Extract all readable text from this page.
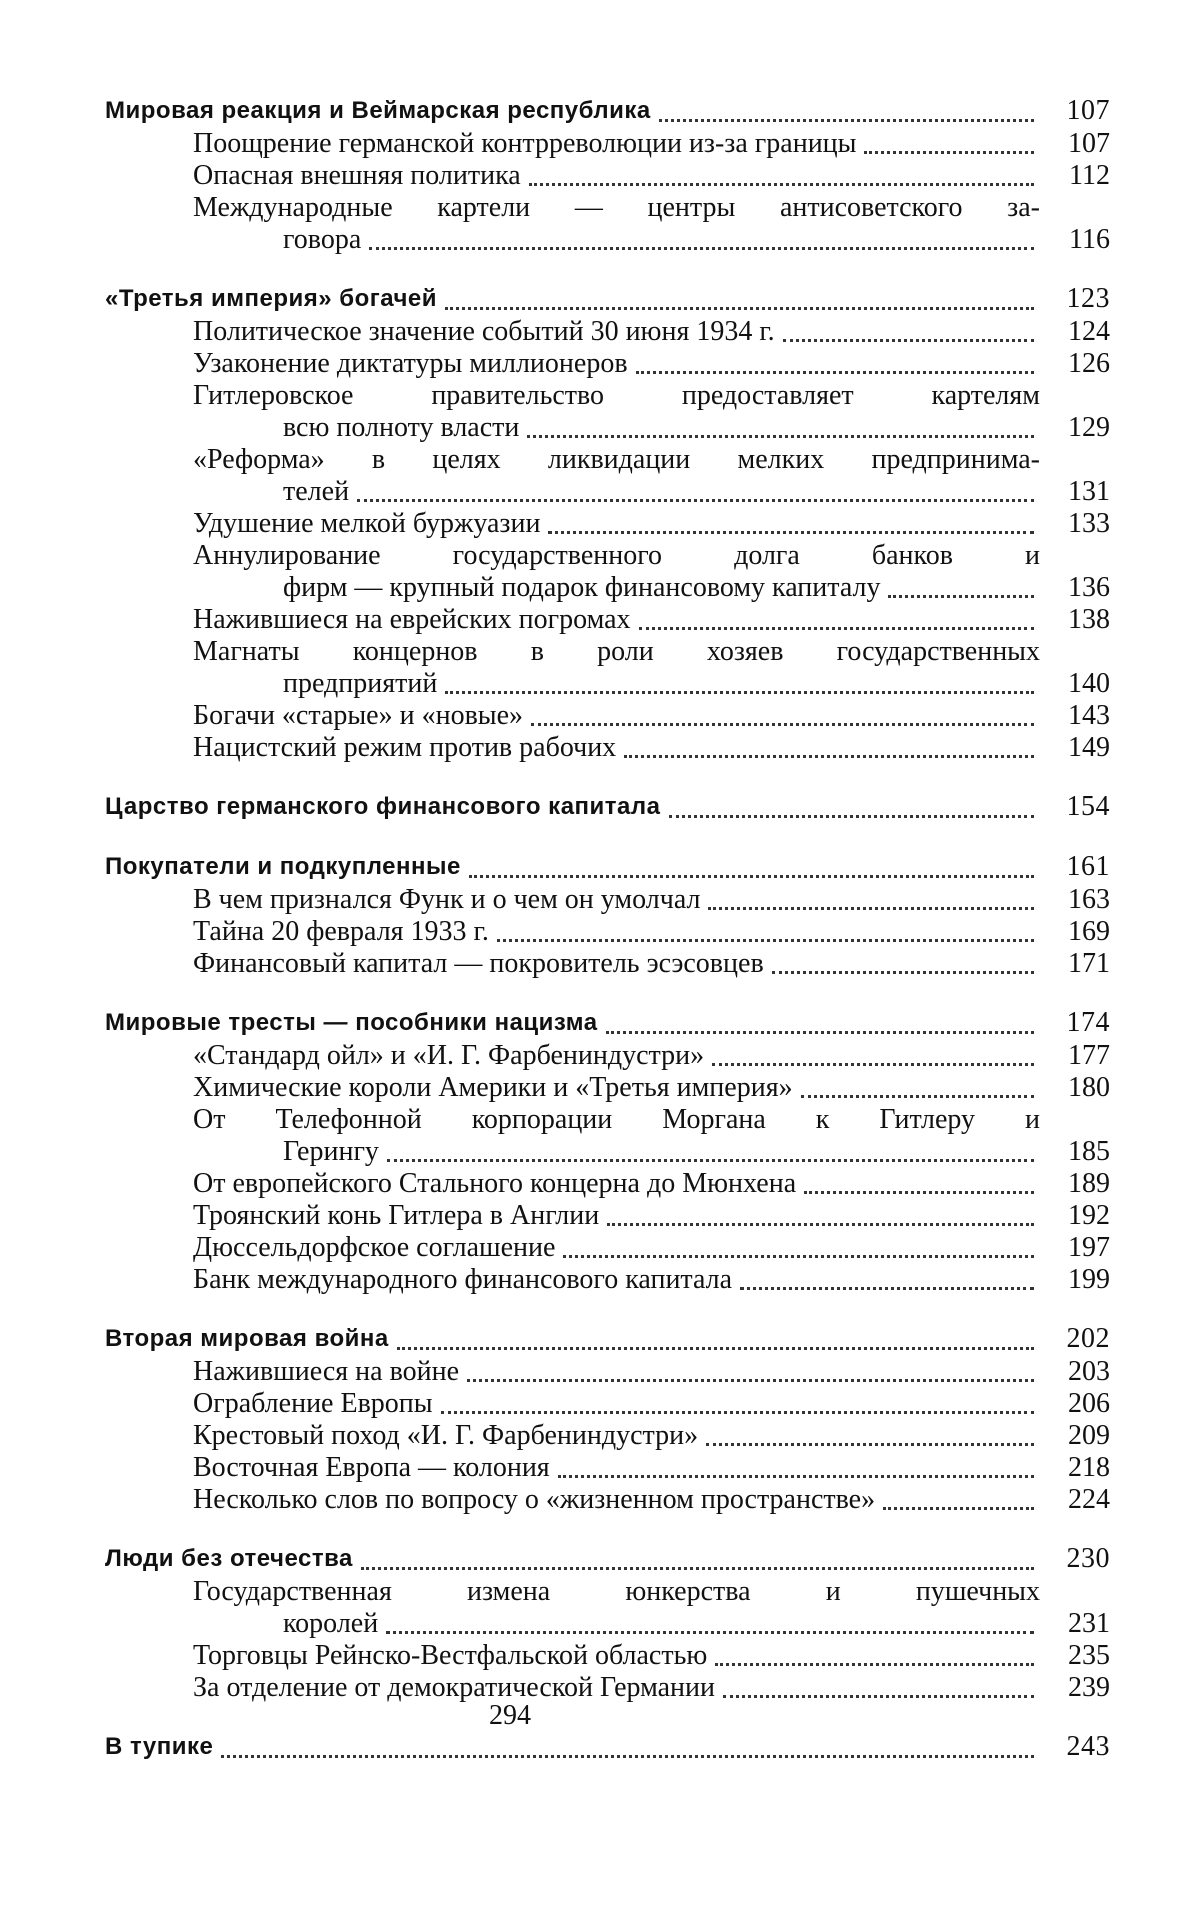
Мировая реакция и Веймарская республика	107
Поощрение германской контрреволюции из-за границы	107
Опасная внешняя политика	112
Международные картели — центры антисоветского за-
говора	116
«Третья империя» богачей	123
Политическое значение событий 30 июня 1934 г.	124
Узаконение диктатуры миллионеров	126
Гитлеровское правительство предоставляет картелям
всю полноту власти	129
«Реформа» в целях ликвидации мелких предпринима-
телей	131
Удушение мелкой буржуазии	133
Аннулирование государственного долга банков и
фирм — крупный подарок финансовому капиталу	136
Нажившиеся на еврейских погромах	138
Магнаты концернов в роли хозяев государственных
предприятий	140
Богачи «старые» и «новые»	143
Нацистский режим против рабочих	149
Царство германского финансового капитала	154
Покупатели и подкупленные	161
В чем признался Функ и о чем он умолчал	163
Тайна 20 февраля 1933 г.	169
Финансовый капитал — покровитель эсэсовцев	171
Мировые тресты — пособники нацизма	174
«Стандард ойл» и «И. Г. Фарбениндустри»	177
Химические короли Америки и «Третья империя»	180
От Телефонной корпорации Моргана к Гитлеру и
Герингу	185
От европейского Стального концерна до Мюнхена	189
Троянский конь Гитлера в Англии	192
Дюссельдорфское соглашение	197
Банк международного финансового капитала	199
Вторая мировая война	202
Нажившиеся на войне	203
Ограбление Европы	206
Крестовый поход «И. Г. Фарбениндустри»	209
Восточная Европа — колония	218
Несколько слов по вопросу о «жизненном пространстве»	224
Люди без отечества	230
Государственная измена юнкерства и пушечных
королей	231
Торговцы Рейнско-Вестфальской областью	235
За отделение от демократической Германии	239
В тупике	243
294
